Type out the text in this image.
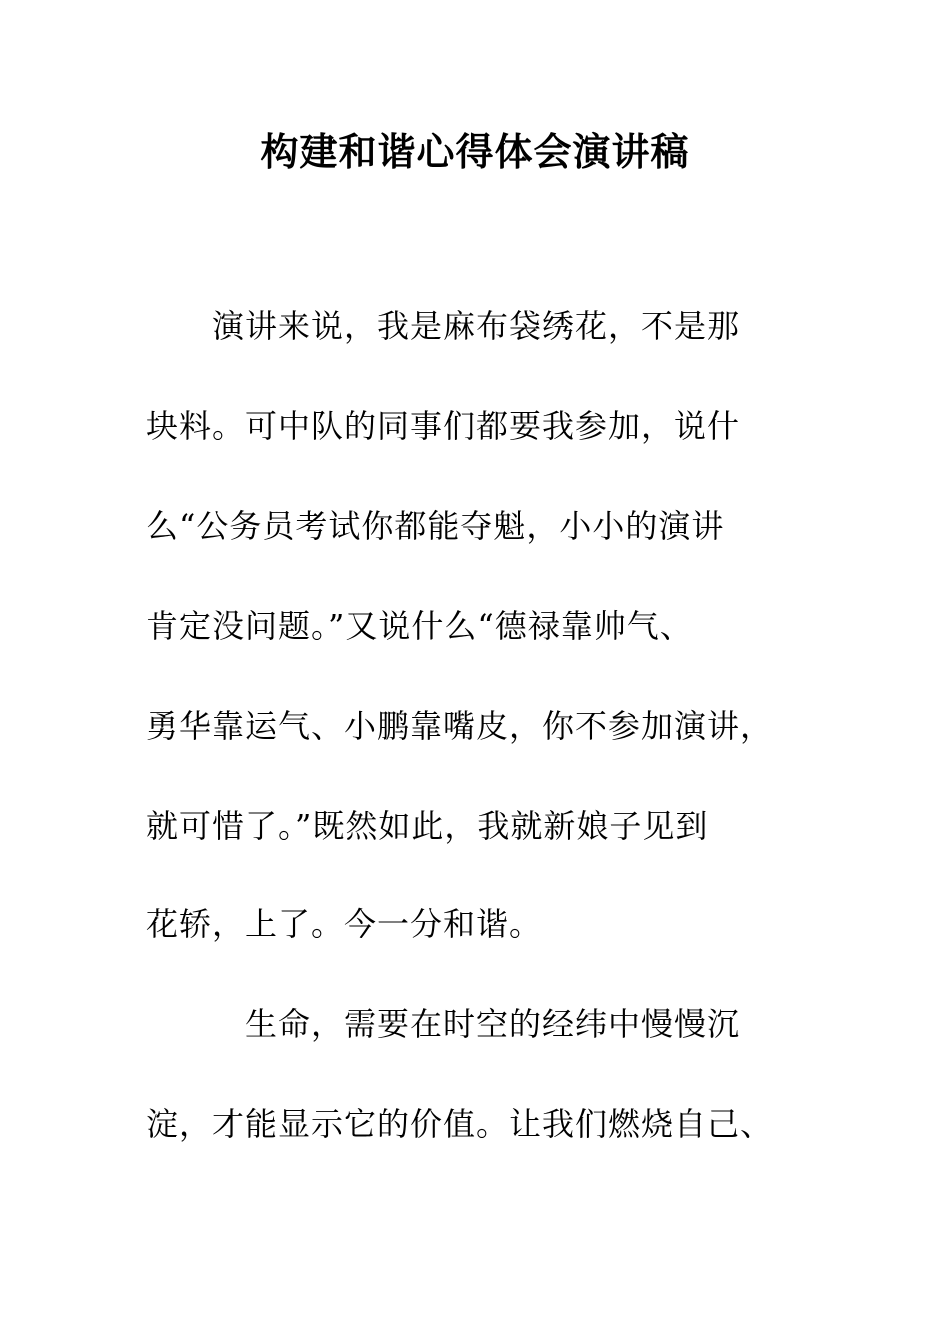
构建和谐心得体会演讲稿
　　演讲来说，我是麻布袋绣花，不是那
块料。可中队的同事们都要我参加，说什
么“公务员考试你都能夺魁，小小的演讲
肯定没问题。”又说什么“德禄靠帅气、
勇华靠运气、小鹏靠嘴皮，你不参加演讲，
就可惜了。”既然如此，我就新娘子见到
花轿，上了。今一分和谐。
　　　生命，需要在时空的经纬中慢慢沉
淀，才能显示它的价值。让我们燃烧自己、
